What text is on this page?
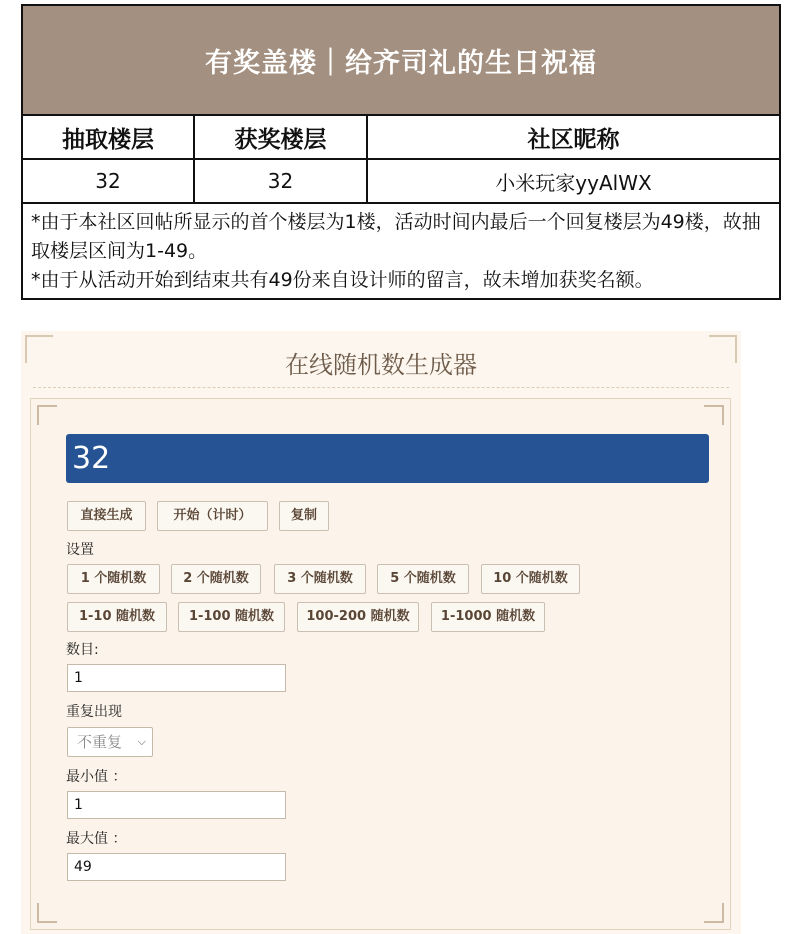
有奖盖楼｜给齐司礼的生日祝福
抽取楼层	获奖楼层	社区昵称
32	32	小米玩家yyAlWX
*由于本社区回帖所显示的首个楼层为1楼，活动时间内最后一个回复楼层为49楼，故抽取楼层区间为1-49。
*由于从活动开始到结束共有49份来自设计师的留言，故未增加获奖名额。
在线随机数生成器
32
直接生成	开始（计时）	复制
设置
1 个随机数	2 个随机数	3 个随机数	5 个随机数	10 个随机数
1-10 随机数	1-100 随机数	100-200 随机数	1-1000 随机数
数目:
1
重复出现
不重复 ⌵
最小值 ：
1
最大值 ：
49
